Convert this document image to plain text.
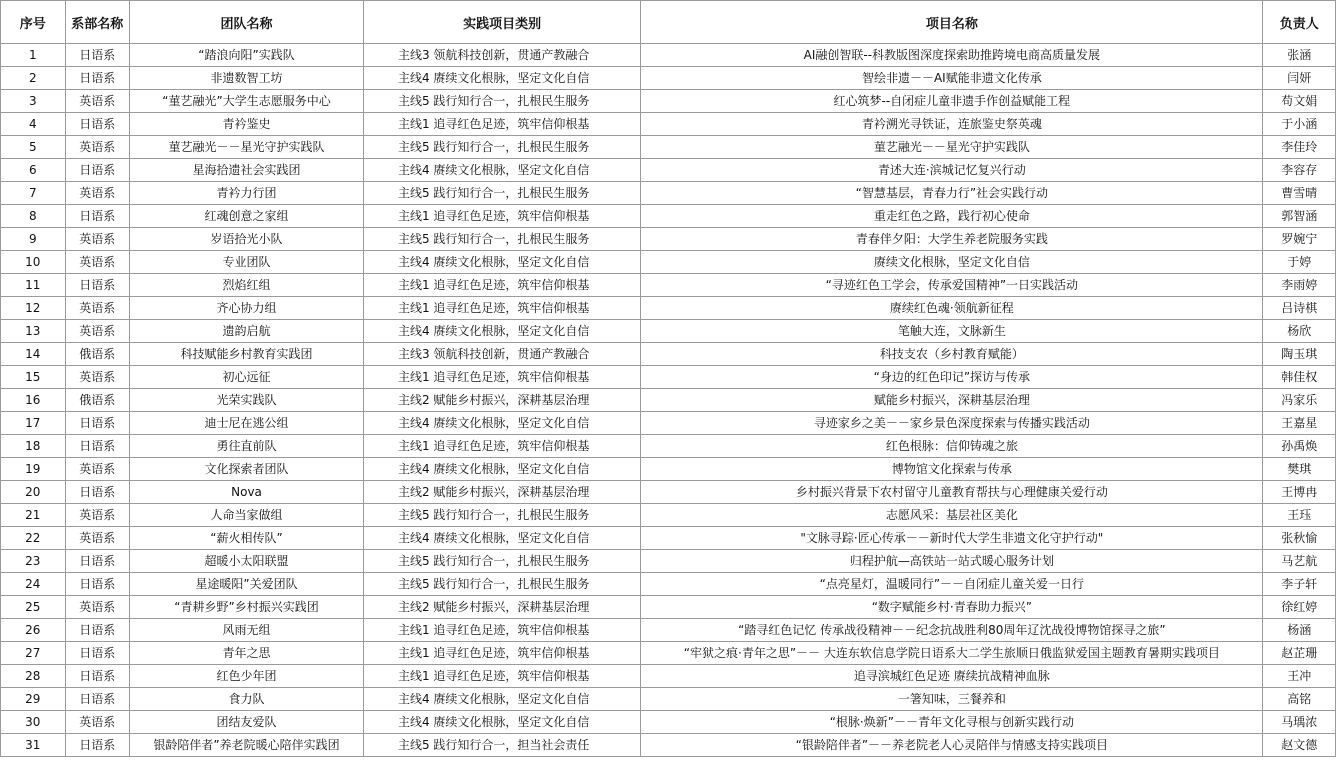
序号	系部名称	团队名称	实践项目类别	项目名称	负责人
1	日语系	“踏浪向阳”实践队	主线3 领航科技创新，贯通产教融合	AI融创智联--科教版图深度探索助推跨境电商高质量发展	张涵
2	日语系	非遗数智工坊	主线4 赓续文化根脉，坚定文化自信	智绘非遗－－AI赋能非遗文化传承	闫妍
3	英语系	“菫艺融光”大学生志愿服务中心	主线5 践行知行合一，扎根民生服务	红心筑梦--自闭症儿童非遗手作创益赋能工程	苟文娟
4	日语系	青衿鉴史	主线1 追寻红色足迹，筑牢信仰根基	青衿溯光寻铁证，连旅鉴史祭英魂	于小涵
5	英语系	菫艺融光－－星光守护实践队	主线5 践行知行合一，扎根民生服务	菫艺融光－－星光守护实践队	李佳玲
6	日语系	星海拾遗社会实践团	主线4 赓续文化根脉，坚定文化自信	青述大连·滨城记忆复兴行动	李容存
7	英语系	青衿力行团	主线5 践行知行合一，扎根民生服务	“智慧基层，青春力行”社会实践行动	曹雪晴
8	日语系	红魂创意之家组	主线1 追寻红色足迹，筑牢信仰根基	重走红色之路，践行初心使命	郭智涵
9	英语系	岁语拾光小队	主线5 践行知行合一，扎根民生服务	青春伴夕阳：大学生养老院服务实践	罗婉宁
10	英语系	专业团队	主线4 赓续文化根脉，坚定文化自信	赓续文化根脉，坚定文化自信	于婷
11	日语系	烈焰红组	主线1 追寻红色足迹，筑牢信仰根基	“寻迹红色工学会，传承爱国精神”一日实践活动	李雨婷
12	英语系	齐心协力组	主线1 追寻红色足迹，筑牢信仰根基	赓续红色魂·领航新征程	吕诗棋
13	英语系	遗韵启航	主线4 赓续文化根脉，坚定文化自信	笔触大连，文脉新生	杨欣
14	俄语系	科技赋能乡村教育实践团	主线3 领航科技创新，贯通产教融合	科技支农（乡村教育赋能）	陶玉琪
15	英语系	初心远征	主线1 追寻红色足迹，筑牢信仰根基	“身边的红色印记”探访与传承	韩佳权
16	俄语系	光荣实践队	主线2 赋能乡村振兴，深耕基层治理	赋能乡村振兴，深耕基层治理	冯家乐
17	日语系	迪士尼在逃公组	主线4 赓续文化根脉，坚定文化自信	寻迹家乡之美－－家乡景色深度探索与传播实践活动	王嘉星
18	日语系	勇往直前队	主线1 追寻红色足迹，筑牢信仰根基	红色根脉：信仰铸魂之旅	孙禹焕
19	英语系	文化探索者团队	主线4 赓续文化根脉，坚定文化自信	博物馆文化探索与传承	樊琪
20	日语系	Nova	主线2 赋能乡村振兴，深耕基层治理	乡村振兴背景下农村留守儿童教育帮扶与心理健康关爱行动	王博冉
21	英语系	人命当家做组	主线5 践行知行合一，扎根民生服务	志愿风采：基层社区美化	王珏
22	英语系	“薪火相传队”	主线4 赓续文化根脉，坚定文化自信	"文脉寻踪·匠心传承－－新时代大学生非遗文化守护行动"	张秋愉
23	日语系	超暖小太阳联盟	主线5 践行知行合一，扎根民生服务	归程护航—高铁站一站式暖心服务计划	马艺航
24	日语系	星途暖阳”关爱团队	主线5 践行知行合一，扎根民生服务	“点亮星灯，温暖同行”－－自闭症儿童关爱一日行	李子轩
25	英语系	“青耕乡野”乡村振兴实践团	主线2 赋能乡村振兴，深耕基层治理	“数字赋能乡村·青春助力振兴”	徐红婷
26	日语系	风雨无组	主线1 追寻红色足迹，筑牢信仰根基	“踏寻红色记忆 传承战役精神－－纪念抗战胜利80周年辽沈战役博物馆探寻之旅”	杨涵
27	日语系	青年之思	主线1 追寻红色足迹，筑牢信仰根基	“牢狱之痕·青年之思”－－ 大连东软信息学院日语系大二学生旅顺日俄监狱爱国主题教育暑期实践项目	赵芷珊
28	日语系	红色少年团	主线1 追寻红色足迹，筑牢信仰根基	追寻滨城红色足迹 赓续抗战精神血脉	王冲
29	日语系	食力队	主线4 赓续文化根脉，坚定文化自信	一箸知味，三餐养和	高铭
30	英语系	团结友爱队	主线4 赓续文化根脉，坚定文化自信	“根脉·焕新”－－青年文化寻根与创新实践行动	马瑀浓
31	日语系	银龄陪伴者”养老院暖心陪伴实践团	主线5 践行知行合一，担当社会责任	“银龄陪伴者”－－养老院老人心灵陪伴与情感支持实践项目	赵文德
